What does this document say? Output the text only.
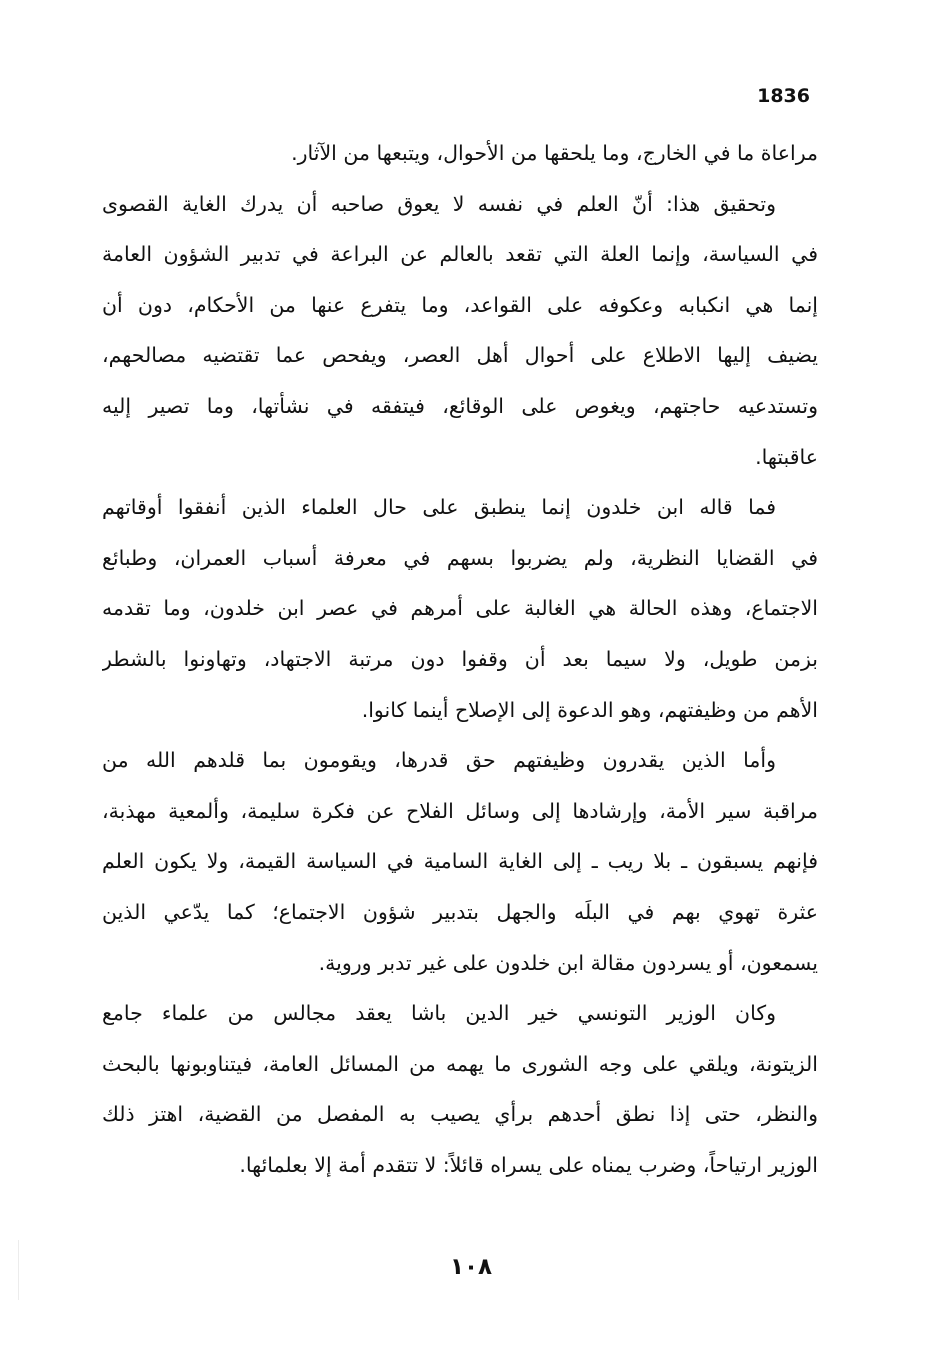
1836
مراعاة ما في الخارج، وما يلحقها من الأحوال، ويتبعها من الآثار.
وتحقيق هذا: أنّ العلم في نفسه لا يعوق صاحبه أن يدرك الغاية القصوى
في السياسة، وإنما العلة التي تقعد بالعالم عن البراعة في تدبير الشؤون العامة
إنما هي انكبابه وعكوفه على القواعد، وما يتفرع عنها من الأحكام، دون أن
يضيف إليها الاطلاع على أحوال أهل العصر، ويفحص عما تقتضيه مصالحهم،
وتستدعيه حاجتهم، ويغوص على الوقائع، فيتفقه في نشأتها، وما تصير إليه
عاقبتها.
فما قاله ابن خلدون إنما ينطبق على حال العلماء الذين أنفقوا أوقاتهم
في القضايا النظرية، ولم يضربوا بسهم في معرفة أسباب العمران، وطبائع
الاجتماع، وهذه الحالة هي الغالبة على أمرهم في عصر ابن خلدون، وما تقدمه
بزمن طويل، ولا سيما بعد أن وقفوا دون مرتبة الاجتهاد، وتهاونوا بالشطر
الأهم من وظيفتهم، وهو الدعوة إلى الإصلاح أينما كانوا.
وأما الذين يقدرون وظيفتهم حق قدرها، ويقومون بما قلدهم الله من
مراقبة سير الأمة، وإرشادها إلى وسائل الفلاح عن فكرة سليمة، وألمعية مهذبة،
فإنهم يسبقون ـ بلا ريب ـ إلى الغاية السامية في السياسة القيمة، ولا يكون العلم
عثرة تهوي بهم في البلَه والجهل بتدبير شؤون الاجتماع؛ كما يدّعي الذين
يسمعون، أو يسردون مقالة ابن خلدون على غير تدبر وروية.
وكان الوزير التونسي خير الدين باشا يعقد مجالس من علماء جامع
الزيتونة، ويلقي على وجه الشورى ما يهمه من المسائل العامة، فيتناوبونها بالبحث
والنظر، حتى إذا نطق أحدهم برأي يصيب به المفصل من القضية، اهتز ذلك
الوزير ارتياحاً، وضرب يمناه على يسراه قائلاً: لا تتقدم أمة إلا بعلمائها.
١٠٨
